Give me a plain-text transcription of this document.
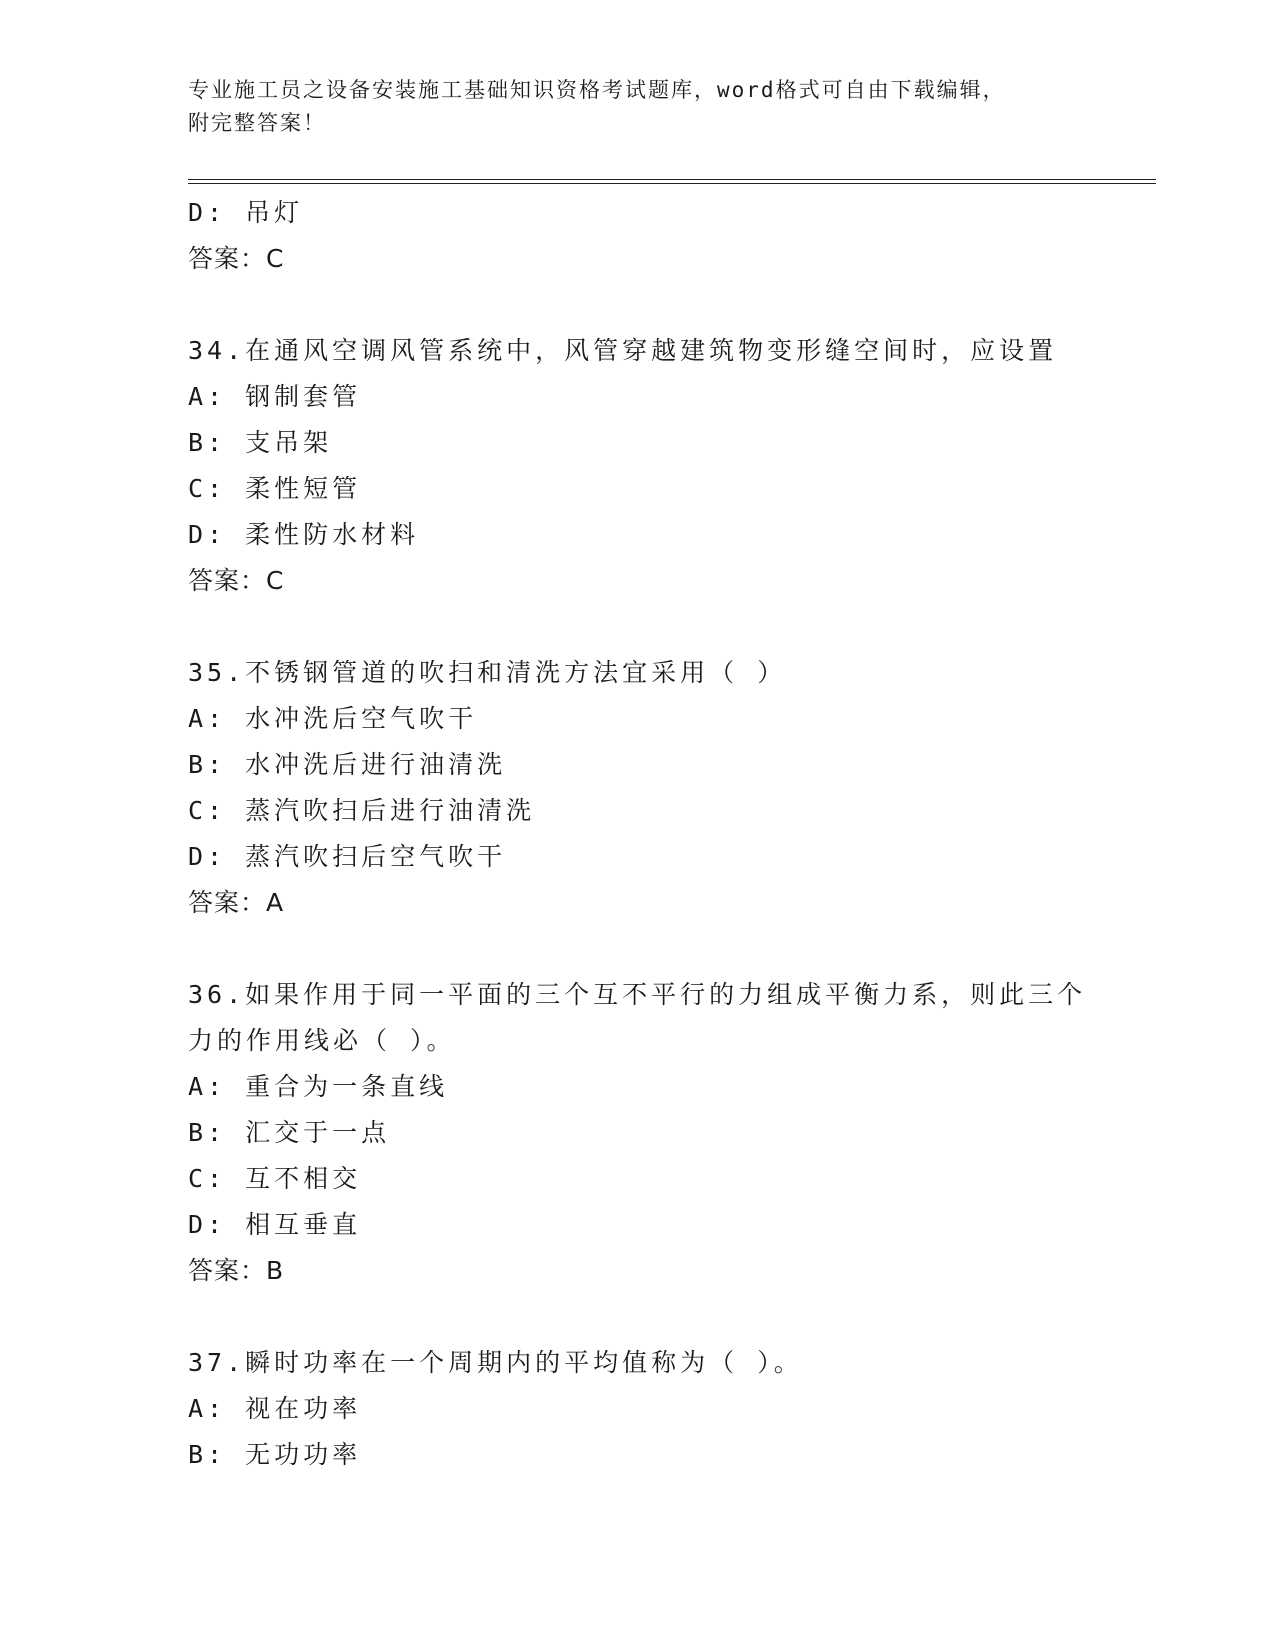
专业施工员之设备安装施工基础知识资格考试题库，word格式可自由下载编辑，
附完整答案！
D: 吊灯
答案：C
34.在通风空调风管系统中，风管穿越建筑物变形缝空间时，应设置
A: 钢制套管
B: 支吊架
C: 柔性短管
D: 柔性防水材料
答案：C
35.不锈钢管道的吹扫和清洗方法宜采用（ ）
A: 水冲洗后空气吹干
B: 水冲洗后进行油清洗
C: 蒸汽吹扫后进行油清洗
D: 蒸汽吹扫后空气吹干
答案：A
36.如果作用于同一平面的三个互不平行的力组成平衡力系，则此三个
力的作用线必（ ）。
A: 重合为一条直线
B: 汇交于一点
C: 互不相交
D: 相互垂直
答案：B
37.瞬时功率在一个周期内的平均值称为（ ）。
A: 视在功率
B: 无功功率
